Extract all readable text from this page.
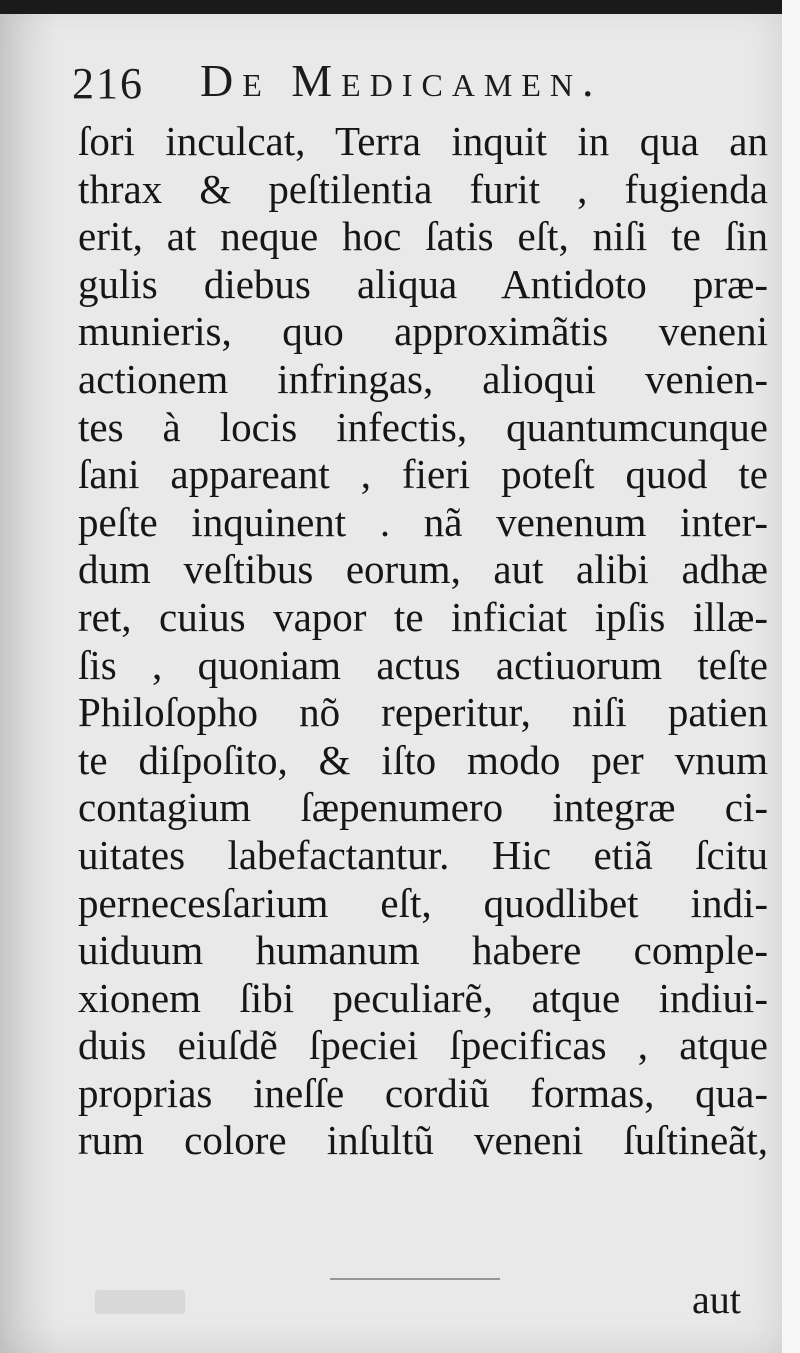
216 De Medicamen.
ſori inculcat, Terra inquit in qua an
thrax & peſtilentia furit , fugienda
erit, at neque hoc ſatis eſt, niſi te ſin
gulis diebus aliqua Antidoto præ-
munieris, quo approximãtis veneni
actionem infringas, alioqui venien-
tes à locis infectis, quantumcunque
ſani appareant , fieri poteſt quod te
peſte inquinent . nã venenum inter-
dum veſtibus eorum, aut alibi adhæ
ret, cuius vapor te inficiat ipſis illæ-
ſis , quoniam actus actiuorum teſte
Philoſopho nõ reperitur, niſi patien
te diſpoſito, & iſto modo per vnum
contagium ſæpenumero integræ ci-
uitates labefactantur. Hic etiã ſcitu
pernecesſarium eſt, quodlibet indi-
uiduum humanum habere comple-
xionem ſibi peculiarẽ, atque indiui-
duis eiuſdẽ ſpeciei ſpecificas , atque
proprias ineſſe cordiũ formas, qua-
rum colore inſultũ veneni ſuſtineãt,
aut
